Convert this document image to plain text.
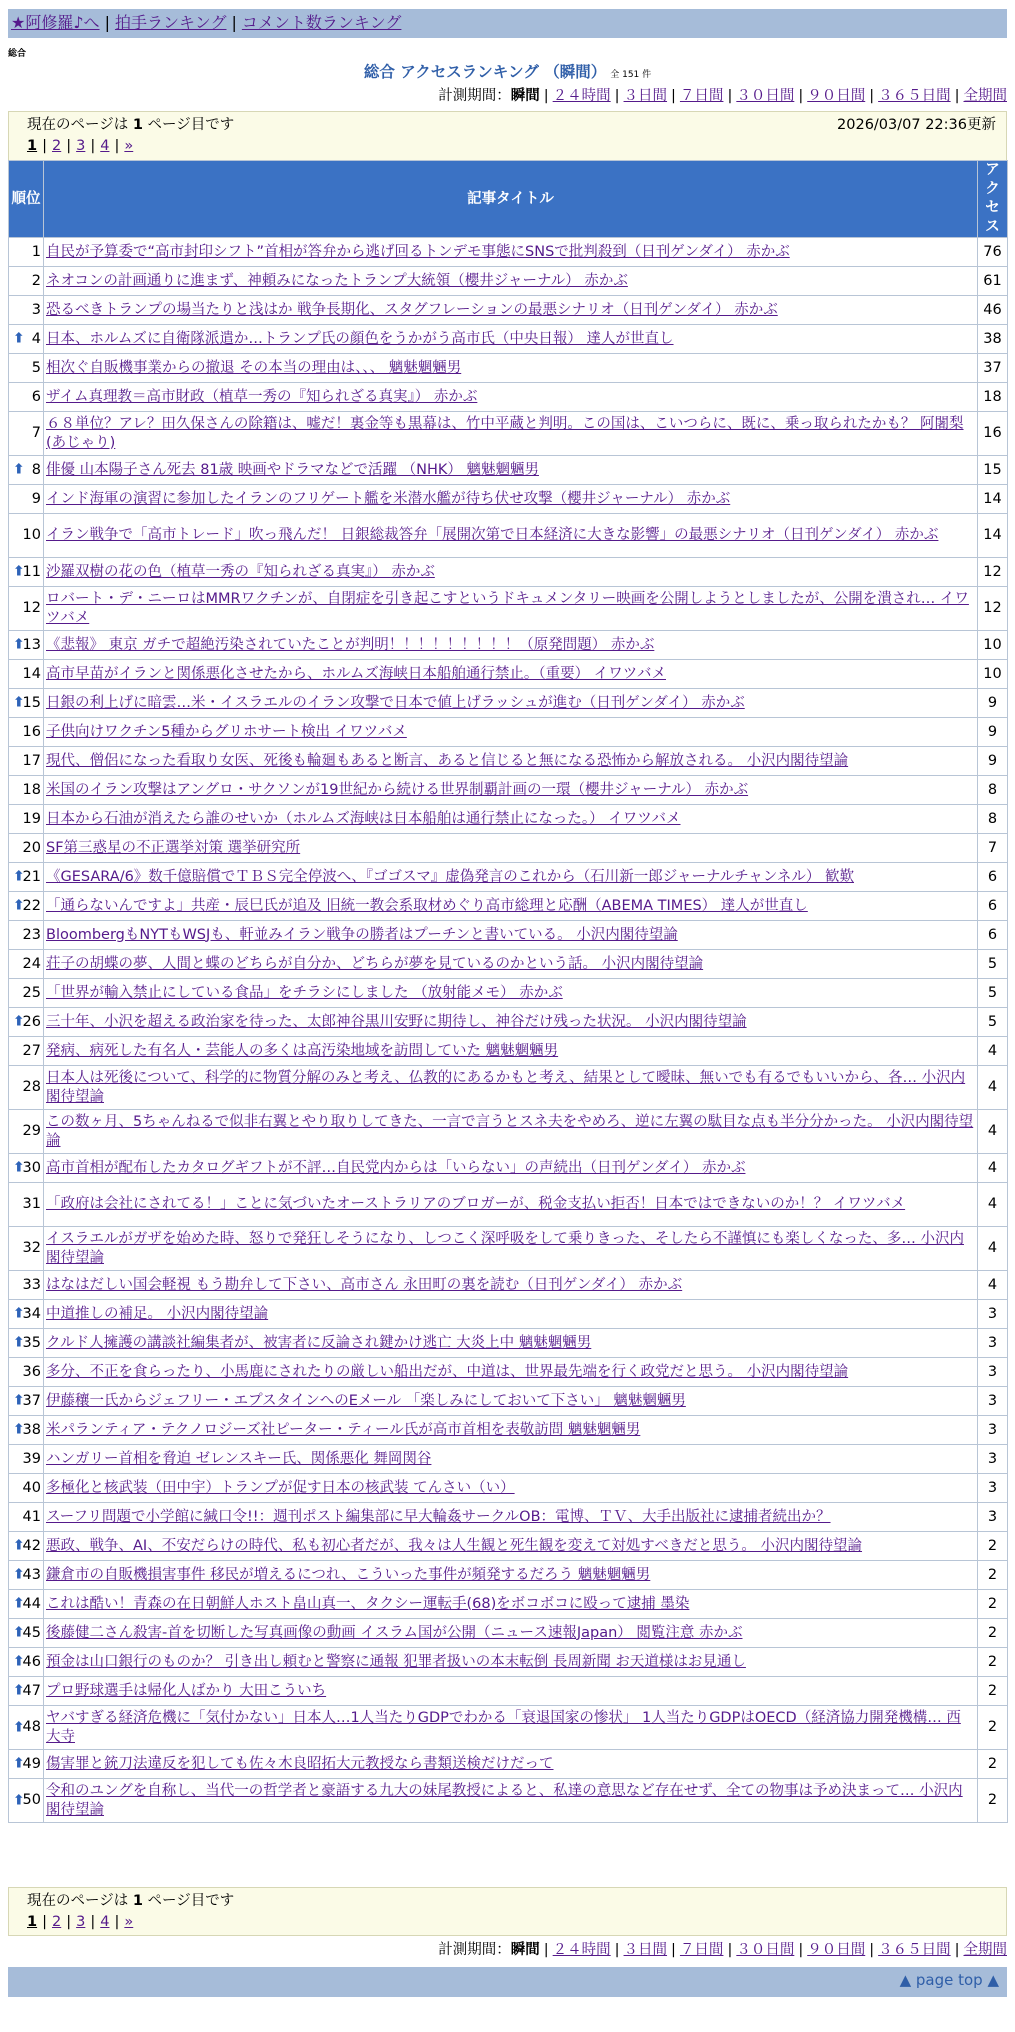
★阿修羅♪へ | 拍手ランキング | コメント数ランキング
総合
総合 アクセスランキング （瞬間） 全 151 件
計測期間：瞬間 | ２４時間 | ３日間 | ７日間 | ３０日間 | ９０日間 | ３６５日間 | 全期間
現在のページは 1 ページ目です	2026/03/07 22:36更新
1 | 2 | 3 | 4 | »
順位	記事タイトル	アクセス
1	自民が予算委で“高市封印シフト”首相が答弁から逃げ回るトンデモ事態にSNSで批判殺到（日刊ゲンダイ） 赤かぶ	76
2	ネオコンの計画通りに進まず、神頼みになったトランプ大統領（櫻井ジャーナル） 赤かぶ	61
3	恐るべきトランプの場当たりと浅はか 戦争長期化、スタグフレーションの最悪シナリオ（日刊ゲンダイ） 赤かぶ	46

⬆ 4	日本、ホルムズに自衛隊派遣か…トランプ氏の顔色をうかがう高市氏（中央日報） 達人が世直し	38
5	相次ぐ自販機事業からの撤退 その本当の理由は、、、 魑魅魍魎男	37
6	ザイム真理教＝高市財政（植草一秀の『知られざる真実』） 赤かぶ	18
7	６８単位？アレ？田久保さんの除籍は、嘘だ！裏金等も黒幕は、竹中平蔵と判明。この国は、こいつらに、既に、乗っ取られたかも？ 阿闍梨(あじゃり)	16

⬆ 8	俳優 山本陽子さん死去 81歳 映画やドラマなどで活躍 （NHK） 魑魅魍魎男	15
9	インド海軍の演習に参加したイランのフリゲート艦を米潜水艦が待ち伏せ攻撃（櫻井ジャーナル） 赤かぶ	14
10	イラン戦争で「高市トレード」吹っ飛んだ！ 日銀総裁答弁「展開次第で日本経済に大きな影響」の最悪シナリオ（日刊ゲンダイ） 赤かぶ	14

⬆
11	沙羅双樹の花の色（植草一秀の『知られざる真実』） 赤かぶ	12
12	ロバート・デ・ニーロはMMRワクチンが、自閉症を引き起こすというドキュメンタリー映画を公開しようとしましたが、公開を潰され… イワツバメ	12

⬆
13	《悲報》 東京 ガチで超絶汚染されていたことが判明！！！！！！！！！（原発問題） 赤かぶ	10
14	高市早苗がイランと関係悪化させたから、ホルムズ海峡日本船舶通行禁止。（重要） イワツバメ	10

⬆
15	日銀の利上げに暗雲…米・イスラエルのイラン攻撃で日本で値上げラッシュが進む（日刊ゲンダイ） 赤かぶ	9
16	子供向けワクチン5種からグリホサート検出 イワツバメ	9
17	現代、僧侶になった看取り女医、死後も輪廻もあると断言、あると信じると無になる恐怖から解放される。 小沢内閣待望論	9
18	米国のイラン攻撃はアングロ・サクソンが19世紀から続ける世界制覇計画の一環（櫻井ジャーナル） 赤かぶ	8
19	日本から石油が消えたら誰のせいか（ホルムズ海峡は日本船舶は通行禁止になった。） イワツバメ	8
20	SF第三惑星の不正選挙対策 選挙研究所	7

⬆
21	《GESARA/6》数千億賠償でＴＢＳ完全停波へ、『ゴゴスマ』虚偽発言のこれから（石川新一郎ジャーナルチャンネル） 歓歎	6

⬆
22	「通らないんですよ」共産・辰巳氏が追及 旧統一教会系取材めぐり高市総理と応酬（ABEMA TIMES） 達人が世直し	6
23	BloombergもNYTもWSJも、軒並みイラン戦争の勝者はプーチンと書いている。 小沢内閣待望論	6
24	荘子の胡蝶の夢、人間と蝶のどちらが自分か、どちらが夢を見ているのかという話。 小沢内閣待望論	5
25	「世界が輸入禁止にしている食品」をチラシにしました （放射能メモ） 赤かぶ	5

⬆
26	三十年、小沢を超える政治家を待った、太郎神谷黒川安野に期待し、神谷だけ残った状況。 小沢内閣待望論	5
27	発病、病死した有名人・芸能人の多くは高汚染地域を訪問していた 魑魅魍魎男	4
28	日本人は死後について、科学的に物質分解のみと考え、仏教的にあるかもと考え、結果として曖昧、無いでも有るでもいいから、各… 小沢内閣待望論	4
29	この数ヶ月、5ちゃんねるで似非右翼とやり取りしてきた、一言で言うとスネ夫をやめろ、逆に左翼の駄目な点も半分分かった。 小沢内閣待望論	4

⬆
30	高市首相が配布したカタログギフトが不評…自民党内からは「いらない」の声続出（日刊ゲンダイ） 赤かぶ	4
31	「政府は会社にされてる！」ことに気づいたオーストラリアのブロガーが、税金支払い拒否！日本ではできないのか！？ イワツバメ	4
32	イスラエルがガザを始めた時、怒りで発狂しそうになり、しつこく深呼吸をして乗りきった、そしたら不謹慎にも楽しくなった、多… 小沢内閣待望論	4
33	はなはだしい国会軽視 もう勘弁して下さい、高市さん 永田町の裏を読む（日刊ゲンダイ） 赤かぶ	4

⬆
34	中道推しの補足。 小沢内閣待望論	3

⬆
35	クルド人擁護の講談社編集者が、被害者に反論され鍵かけ逃亡 大炎上中 魑魅魍魎男	3
36	多分、不正を食らったり、小馬鹿にされたりの厳しい船出だが、中道は、世界最先端を行く政党だと思う。 小沢内閣待望論	3

⬆
37	伊藤穰一氏からジェフリー・エプスタインへのEメール 「楽しみにしておいて下さい」 魑魅魍魎男	3

⬆
38	米パランティア・テクノロジーズ社ピーター・ティール氏が高市首相を表敬訪問 魑魅魍魎男	3
39	ハンガリー首相を脅迫 ゼレンスキー氏、関係悪化 舞岡関谷	3
40	多極化と核武装（田中宇）トランプが促す日本の核武装 てんさい（い）	3
41	スーフリ問題で小学館に緘口令!!：週刊ポスト編集部に早大輪姦サークルOB：電博、ＴＶ、大手出版社に逮捕者続出か？	3

⬆
42	悪政、戦争、AI、不安だらけの時代、私も初心者だが、我々は人生観と死生観を変えて対処すべきだと思う。 小沢内閣待望論	2

⬆
43	鎌倉市の自販機損害事件 移民が増えるにつれ、こういった事件が頻発するだろう 魑魅魍魎男	2

⬆
44	これは酷い！青森の在日朝鮮人ホスト畠山真一、タクシー運転手(68)をボコボコに殴って逮捕 墨染	2

⬆
45	後藤健二さん殺害-首を切断した写真画像の動画 イスラム国が公開（ニュース速報Japan） 閲覧注意 赤かぶ	2

⬆
46	預金は山口銀行のものか？ 引き出し頼むと警察に通報 犯罪者扱いの本末転倒 長周新聞 お天道様はお見通し	2

⬆
47	プロ野球選手は帰化人ばかり 大田こういち	2

⬆
48	ヤバすぎる経済危機に「気付かない」日本人…1人当たりGDPでわかる「衰退国家の惨状」 1人当たりGDPはOECD（経済協力開発機構… 西大寺	2

⬆
49	傷害罪と銃刀法違反を犯しても佐々木良昭拓大元教授なら書類送検だけだって	2

⬆
50	令和のユングを自称し、当代一の哲学者と豪語する九大の妹尾教授によると、私達の意思など存在せず、全ての物事は予め決まって… 小沢内閣待望論	2
現在のページは 1 ページ目です
1 | 2 | 3 | 4 | »
計測期間：瞬間 | ２４時間 | ３日間 | ７日間 | ３０日間 | ９０日間 | ３６５日間 | 全期間
▲ page top ▲
